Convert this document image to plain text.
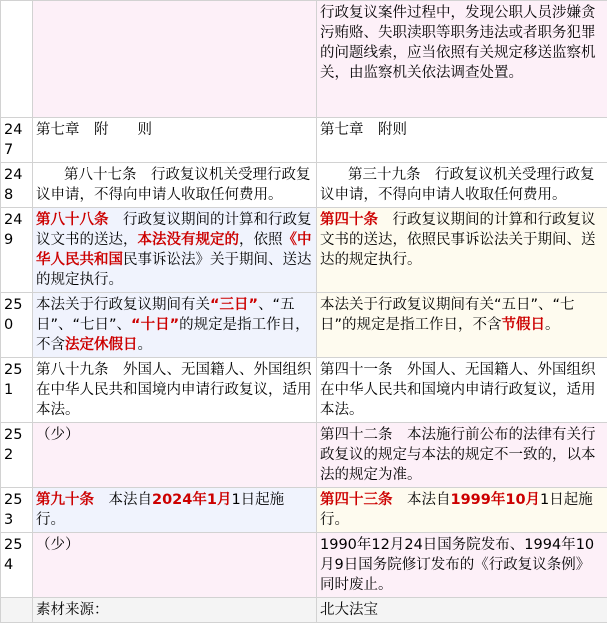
		行政复议案件过程中，发现公职人员涉嫌贪污贿赂、失职渎职等职务违法或者职务犯罪的问题线索，应当依照有关规定移送监察机关，由监察机关依法调查处置。
247	第七章　附　　则	第七章　附则
248	第八十七条　行政复议机关受理行政复议申请，不得向申请人收取任何费用。	第三十九条　行政复议机关受理行政复议申请，不得向申请人收取任何费用。
249	第八十八条　行政复议期间的计算和行政复议文书的送达，本法没有规定的，依照《中华人民共和国民事诉讼法》关于期间、送达的规定执行。	第四十条　行政复议期间的计算和行政复议文书的送达，依照民事诉讼法关于期间、送达的规定执行。
250	本法关于行政复议期间有关“三日”、“五日”、“七日”、“十日”的规定是指工作日，不含法定休假日。	本法关于行政复议期间有关“五日”、“七日”的规定是指工作日，不含节假日。
251	第八十九条　外国人、无国籍人、外国组织在中华人民共和国境内申请行政复议，适用本法。	第四十一条　外国人、无国籍人、外国组织在中华人民共和国境内申请行政复议，适用本法。
252	（少）	第四十二条　本法施行前公布的法律有关行政复议的规定与本法的规定不一致的，以本法的规定为准。
253	第九十条　本法自2024年1月1日起施行。	第四十三条　本法自1999年10月1日起施行。
254	（少）	1990年12月24日国务院发布、1994年10月9日国务院修订发布的《行政复议条例》同时废止。
	素材来源：	北大法宝
